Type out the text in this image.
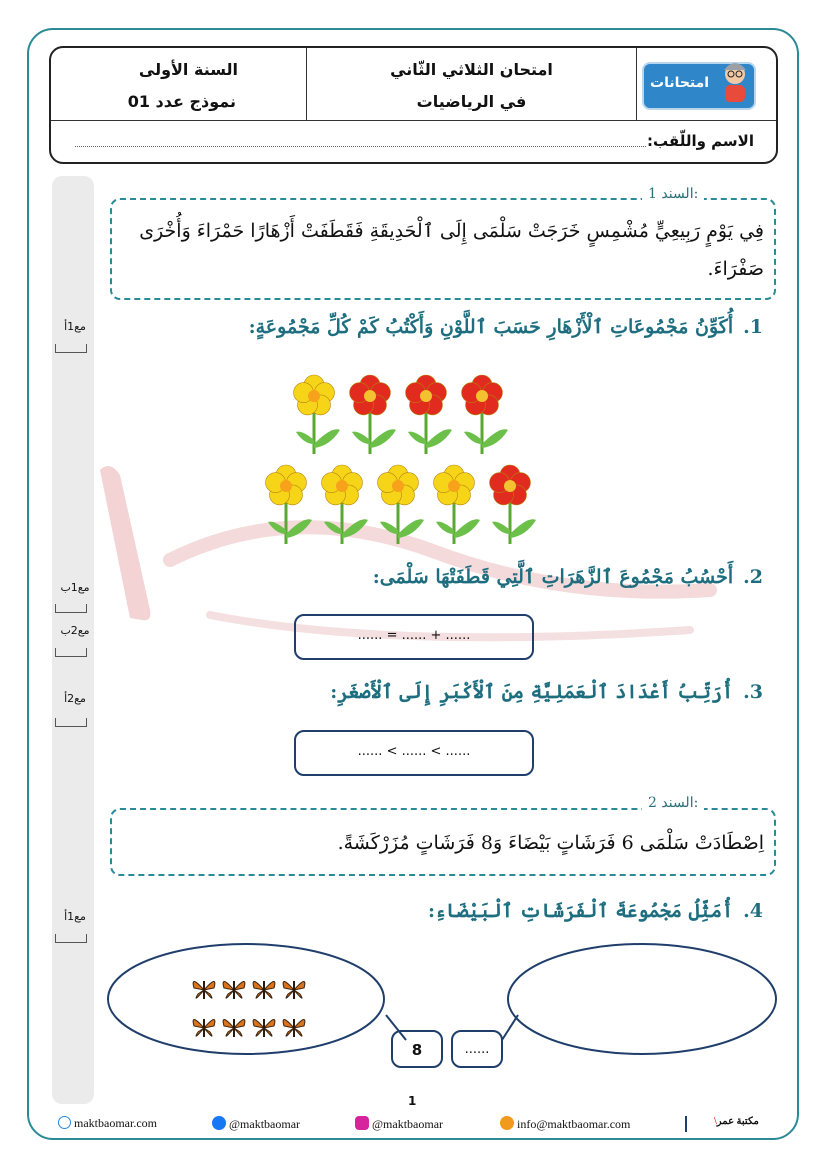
السنة الأولى
نموذج عدد 01
امتحان الثلاثي الثّاني
في الرياضيات
امتحانات
الاسم واللّقب:
مع1أ
مع1ب
مع2ب
مع2أ
مع1أ
السند 1:
فِي يَوْمٍ رَبِيعِيٍّ مُشْمِسٍ خَرَجَتْ سَلْمَى إِلَى ٱلْحَدِيقَةِ فَقَطَفَتْ أَزْهَارًا حَمْرَاءَ وَأُخْرَى صَفْرَاءَ.
1.أُكَوِّنُ مَجْمُوعَاتِ ٱلْأَزْهَارِ حَسَبَ ٱللَّوْنِ وَأَكْتُبُ كَمْ كُلِّ مَجْمُوعَةٍ:
2.أَحْسُبُ مَجْمُوعَ ٱلزَّهَرَاتِ ٱلَّتِي قَطَفَتْهَا سَلْمَى:
...... = ...... + ......
3.أُرَتِّبُ أَعْدَادَ ٱلْعَمَلِيَّةِ مِنَ ٱلْأَكْبَرِ إِلَى ٱلْأَصْغَرِ:
...... < ...... < ......
السند 2:
اِصْطَادَتْ سَلْمَى 6 فَرَشَاتٍ بَيْضَاءَ وَ8 فَرَشَاتٍ مُزَرْكَشَةً.
4.أُمَثِّلُ مَجْمُوعَةَ ٱلْفَرَشَاتِ ٱلْبَيْضَاءِ:
8	......
1
maktbaomar.com	@maktbaomar	@maktbaomar	info@maktbaomar.com	\مكتبة عمر
